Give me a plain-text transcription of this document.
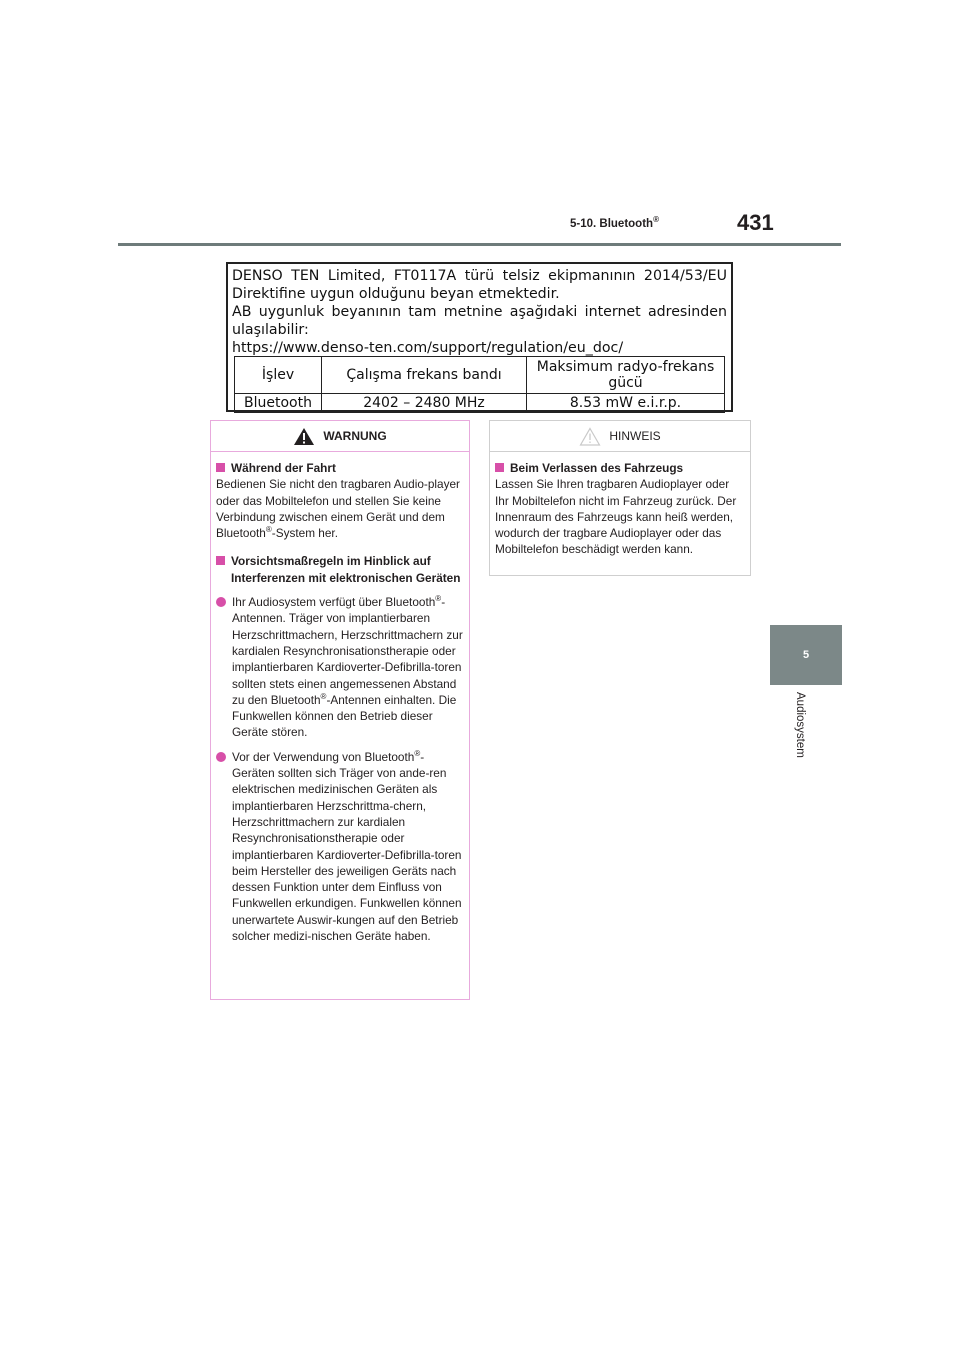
5-10. Bluetooth®	431
5
Audiosystem
DENSO TEN Limited, FT0117A türü telsiz ekipmanının 2014/53/EU
Direktifine uygun olduğunu beyan etmektedir.
AB uygunluk beyanının tam metnine aşağıdaki internet adresinden
ulaşılabilir:
https://www.denso-ten.com/support/regulation/eu_doc/
İşlev	Çalışma frekans bandı	Maksimum radyo-frekans gücü
Bluetooth	2402 – 2480 MHz	8.53 mW e.i.r.p.
WARNUNG
Während der Fahrt

Bedienen Sie nicht den tragbaren Audio-player oder das Mobiltelefon und stellen Sie keine Verbindung zwischen einem Gerät und dem Bluetooth®-System her.

Vorsichtsmaßregeln im Hinblick auf Interferenzen mit elektronischen Geräten
Ihr Audiosystem verfügt über Bluetooth®-Antennen. Träger von implantierbaren Herzschrittmachern, Herzschrittmachern zur kardialen Resynchronisationstherapie oder implantierbaren Kardioverter-Defibrilla-toren sollten stets einen angemessenen Abstand zu den Bluetooth®-Antennen einhalten. Die Funkwellen können den Betrieb dieser Geräte stören.
Vor der Verwendung von Bluetooth®-Geräten sollten sich Träger von ande-ren elektrischen medizinischen Geräten als implantierbaren Herzschrittma-chern, Herzschrittmachern zur kardialen Resynchronisationstherapie oder implantierbaren Kardioverter-Defibrilla-toren beim Hersteller des jeweiligen Geräts nach dessen Funktion unter dem Einfluss von Funkwellen erkundigen. Funkwellen können unerwartete Auswir-kungen auf den Betrieb solcher medizi-nischen Geräte haben.
HINWEIS
Beim Verlassen des Fahrzeugs

Lassen Sie Ihren tragbaren Audioplayer oder Ihr Mobiltelefon nicht im Fahrzeug zurück. Der Innenraum des Fahrzeugs kann heiß werden, wodurch der tragbare Audioplayer oder das Mobiltelefon beschädigt werden kann.
